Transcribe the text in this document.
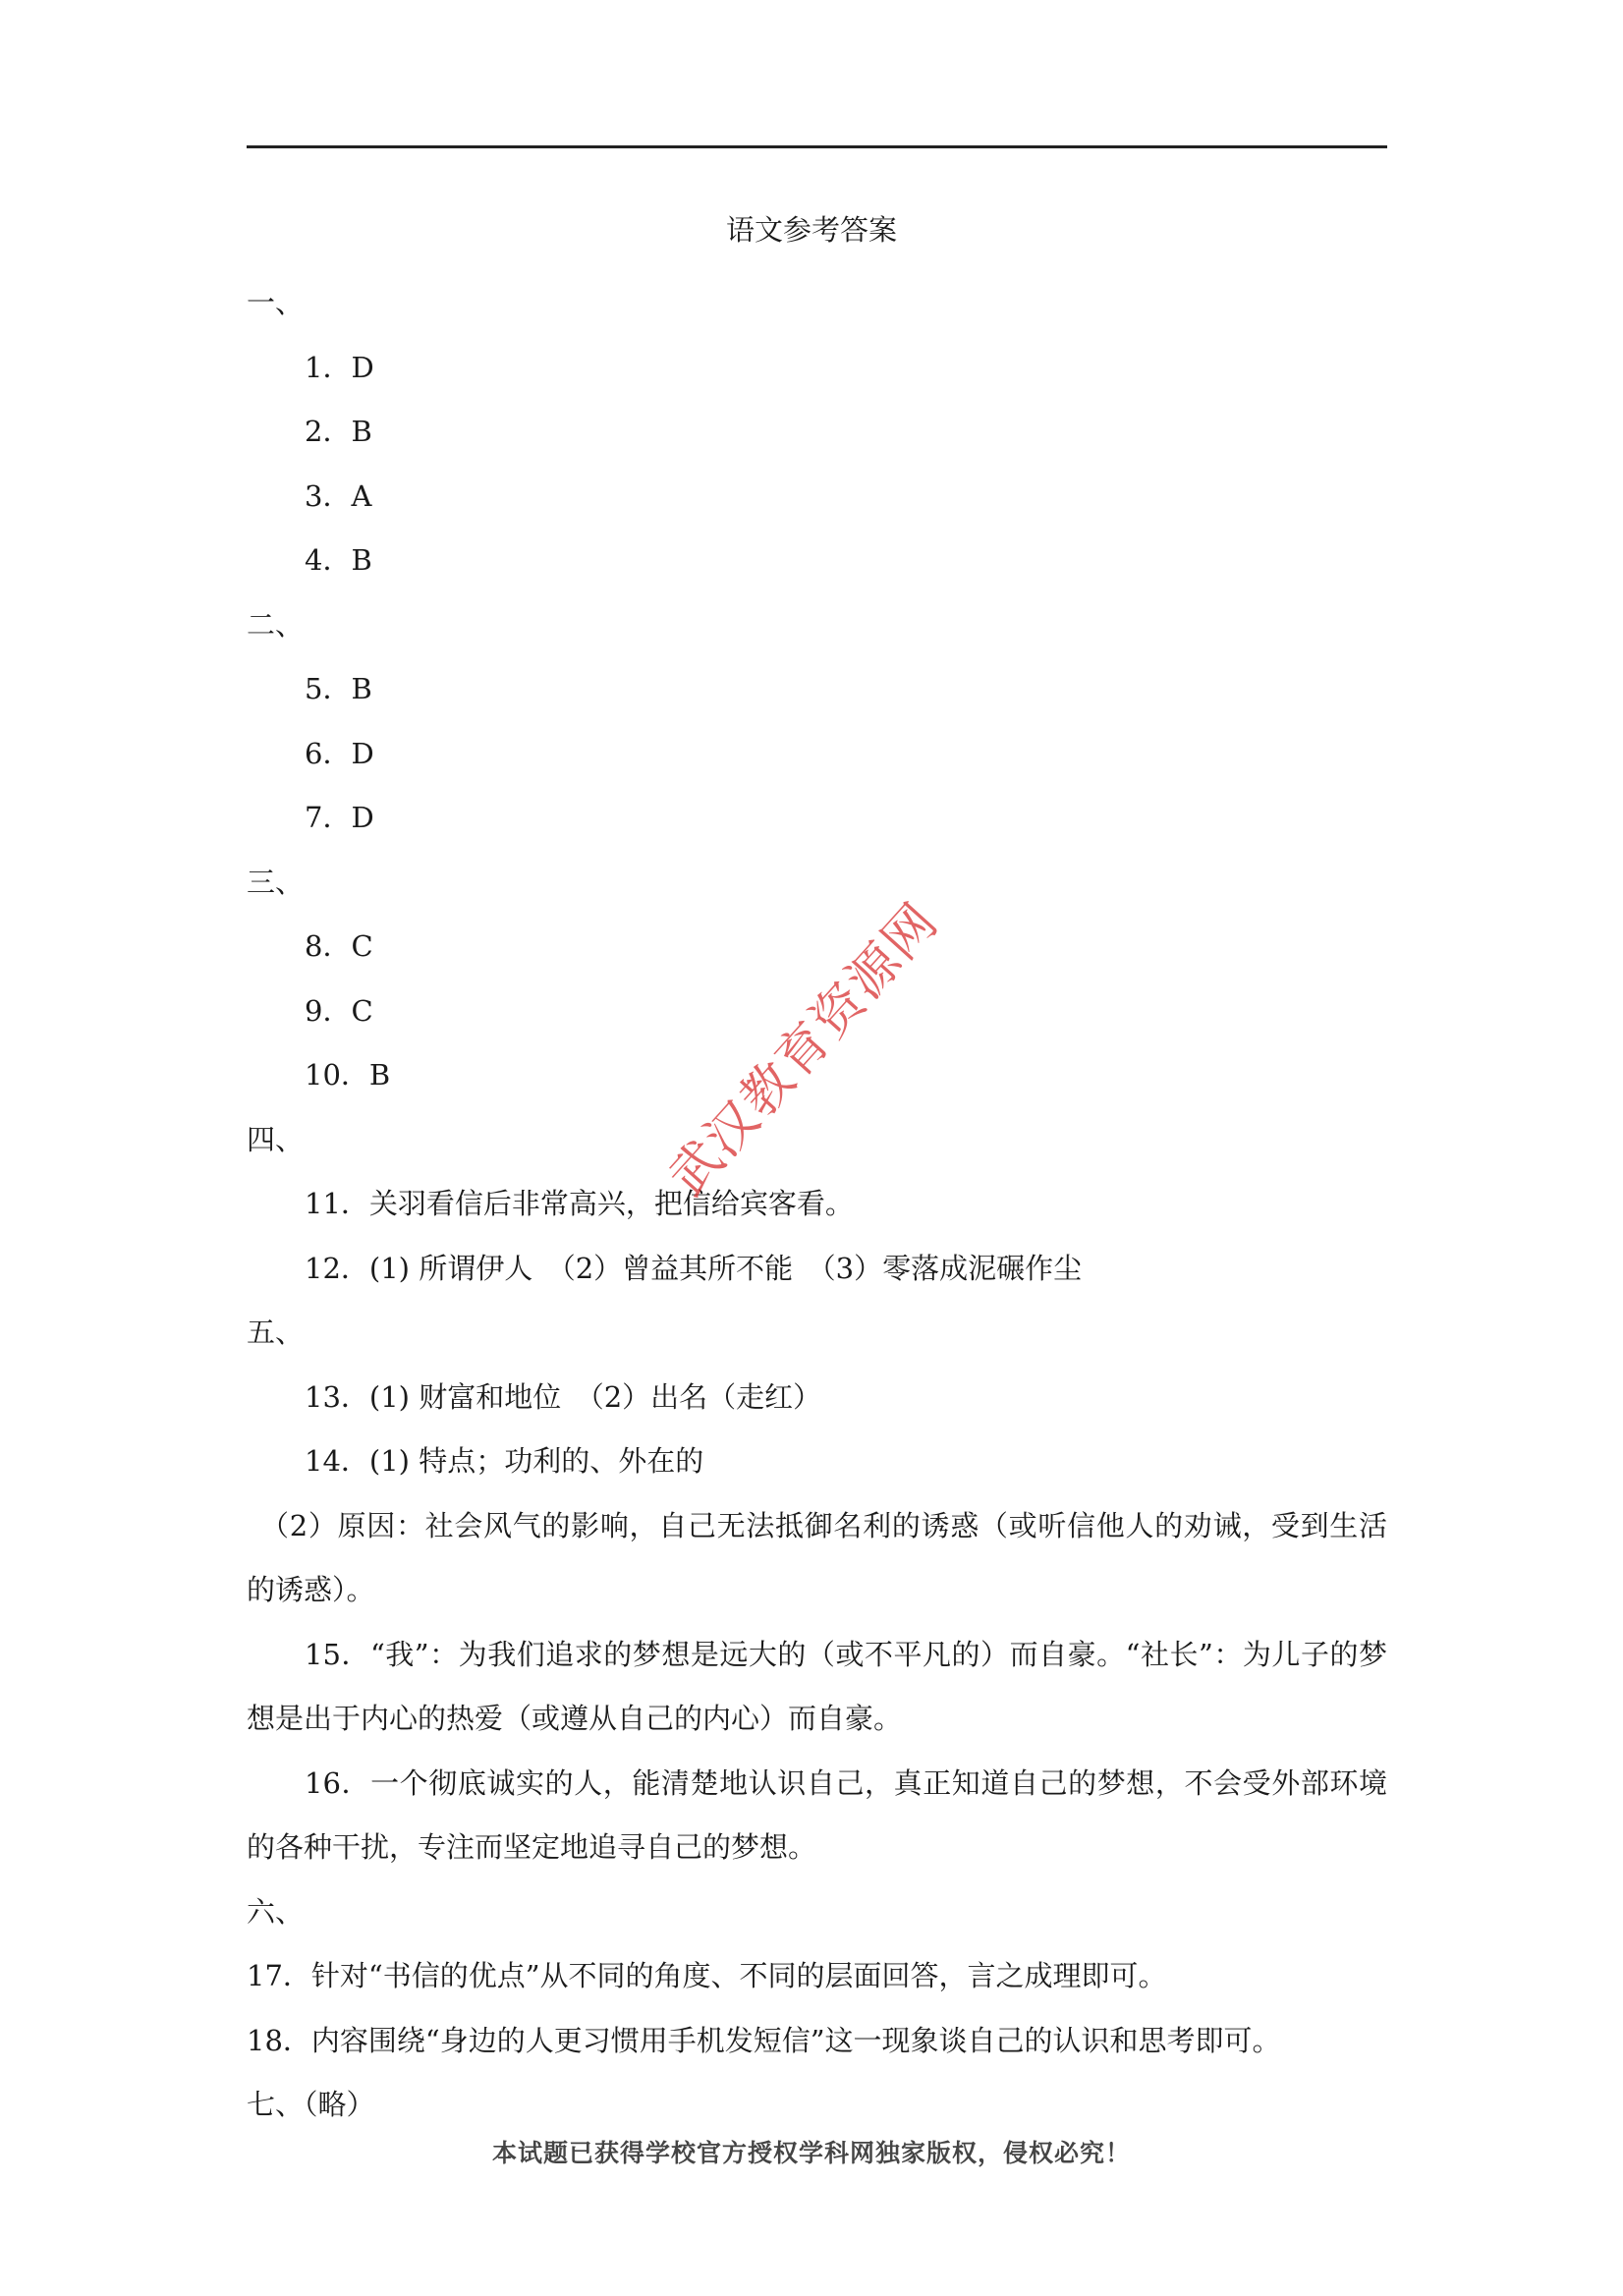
语文参考答案
一、
1．D
2．B
3．A
4．B
二、
5．B
6．D
7．D
三、
8．C
9．C
10．B
四、
11．关羽看信后非常高兴，把信给宾客看。
12．(1) 所谓伊人　（2）曾益其所不能　（3）零落成泥碾作尘
五、
13．(1) 财富和地位　（2）出名（走红）
14．(1) 特点；功利的、外在的
（2）原因：社会风气的影响，自己无法抵御名利的诱惑（或听信他人的劝诫，受到生活的诱惑）。
15．“我”：为我们追求的梦想是远大的（或不平凡的）而自豪。“社长”：为儿子的梦想是出于内心的热爱（或遵从自己的内心）而自豪。
16．一个彻底诚实的人，能清楚地认识自己，真正知道自己的梦想，不会受外部环境的各种干扰，专注而坚定地追寻自己的梦想。
六、
17．针对“书信的优点”从不同的角度、不同的层面回答，言之成理即可。
18．内容围绕“身边的人更习惯用手机发短信”这一现象谈自己的认识和思考即可。
七、（略）
武汉教育资源网
本试题已获得学校官方授权学科网独家版权，侵权必究！
